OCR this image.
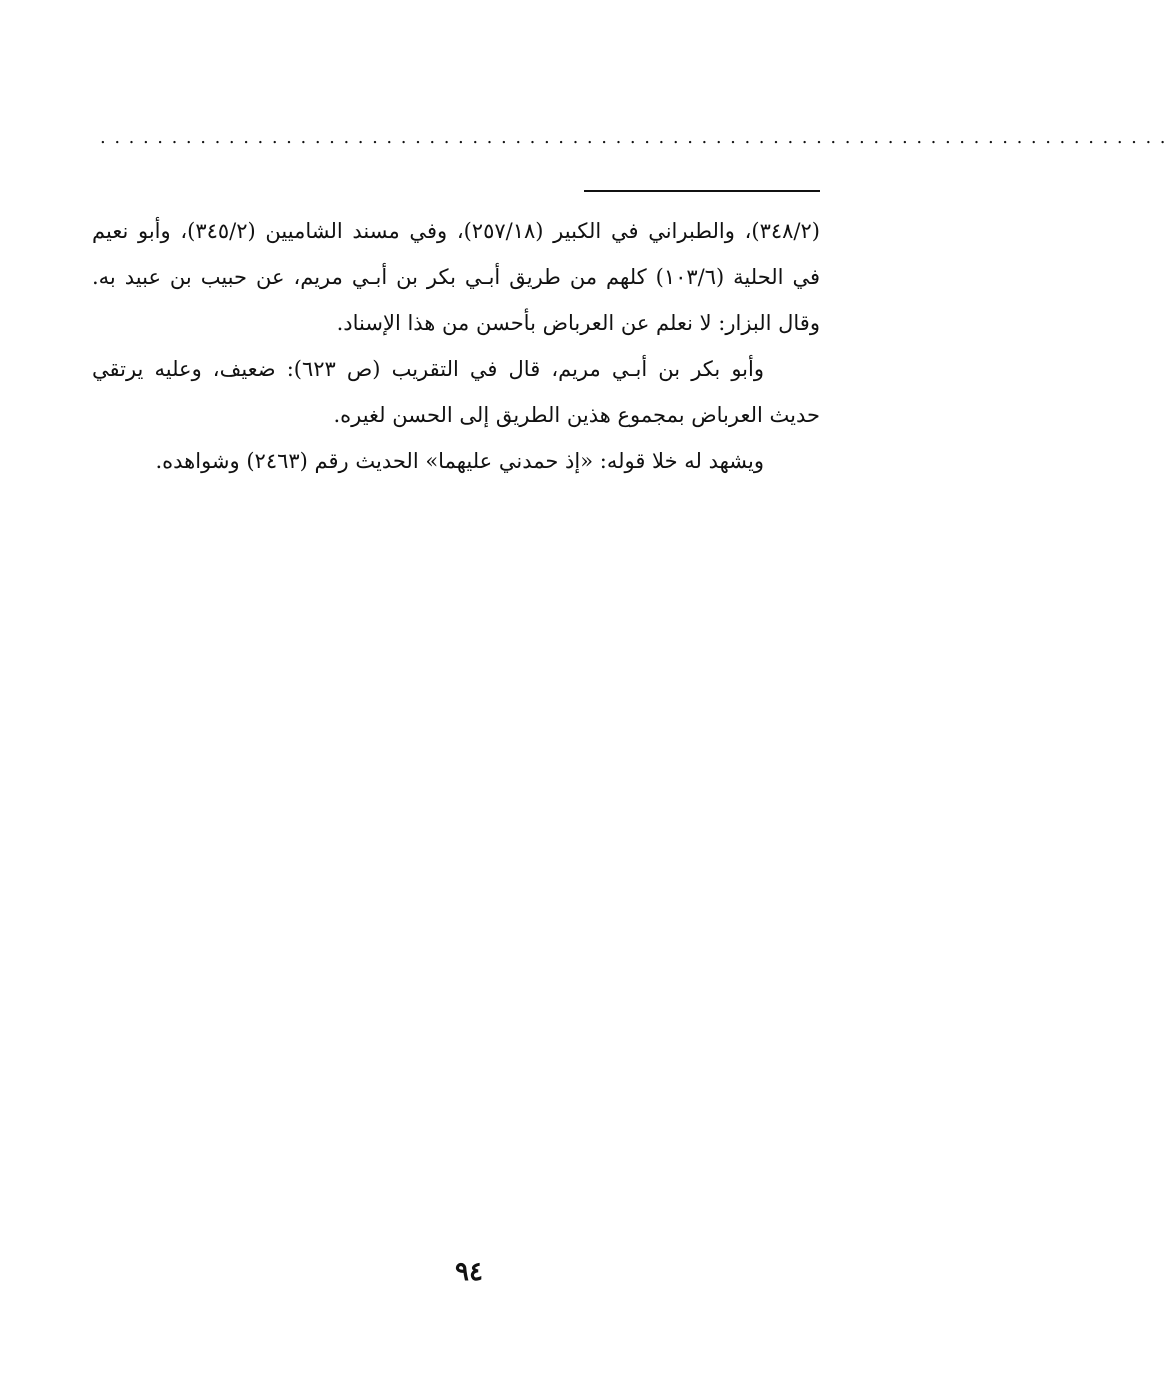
...........................................................................

(٣٤٨/٢)، والطبراني في الكبير (٢٥٧/١٨)، وفي مسند الشاميين (٣٤٥/٢)، وأبو نعيم في الحلية (١٠٣/٦) كلهم من طريق أبـي بكر بن أبـي مريم، عن حبيب بن عبيد به. وقال البزار: لا نعلم عن العرباض بأحسن من هذا الإسناد.

وأبو بكر بن أبـي مريم، قال في التقريب (ص ٦٢٣): ضعيف، وعليه يرتقي حديث العرباض بمجموع هذين الطريق إلى الحسن لغيره.

ويشهد له خلا قوله: «إذ حمدني عليهما» الحديث رقم (٢٤٦٣) وشواهده.

٩٤
